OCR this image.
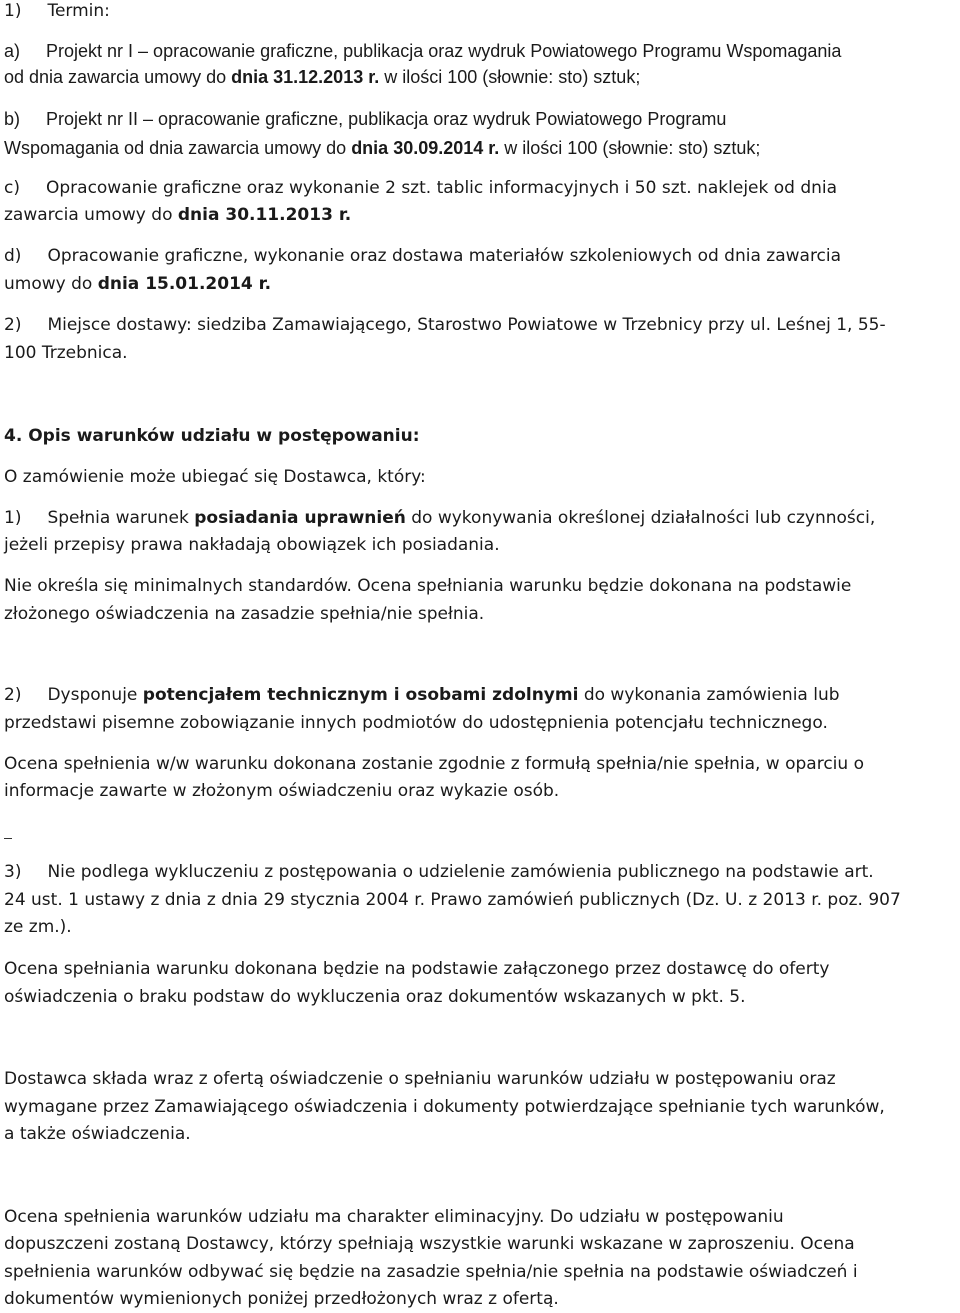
1) Termin:
a) Projekt nr I – opracowanie graficzne, publikacja oraz wydruk Powiatowego Programu Wspomagania
od dnia zawarcia umowy do dnia 31.12.2013 r. w ilości 100 (słownie: sto) sztuk;
b) Projekt nr II – opracowanie graficzne, publikacja oraz wydruk Powiatowego Programu
Wspomagania od dnia zawarcia umowy do dnia 30.09.2014 r. w ilości 100 (słownie: sto) sztuk;
c) Opracowanie graficzne oraz wykonanie 2 szt. tablic informacyjnych i 50 szt. naklejek od dnia
zawarcia umowy do dnia 30.11.2013 r.
d) Opracowanie graficzne, wykonanie oraz dostawa materiałów szkoleniowych od dnia zawarcia
umowy do dnia 15.01.2014 r.
2) Miejsce dostawy: siedziba Zamawiającego, Starostwo Powiatowe w Trzebnicy przy ul. Leśnej 1, 55-
100 Trzebnica.
4. Opis warunków udziału w postępowaniu:
O zamówienie może ubiegać się Dostawca, który:
1) Spełnia warunek posiadania uprawnień do wykonywania określonej działalności lub czynności,
jeżeli przepisy prawa nakładają obowiązek ich posiadania.
Nie określa się minimalnych standardów. Ocena spełniania warunku będzie dokonana na podstawie
złożonego oświadczenia na zasadzie spełnia/nie spełnia.
2) Dysponuje potencjałem technicznym i osobami zdolnymi do wykonania zamówienia lub
przedstawi pisemne zobowiązanie innych podmiotów do udostępnienia potencjału technicznego.
Ocena spełnienia w/w warunku dokonana zostanie zgodnie z formułą spełnia/nie spełnia, w oparciu o
informacje zawarte w złożonym oświadczeniu oraz wykazie osób.
3) Nie podlega wykluczeniu z postępowania o udzielenie zamówienia publicznego na podstawie art.
24 ust. 1 ustawy z dnia z dnia 29 stycznia 2004 r. Prawo zamówień publicznych (Dz. U. z 2013 r. poz. 907
ze zm.).
Ocena spełniania warunku dokonana będzie na podstawie załączonego przez dostawcę do oferty
oświadczenia o braku podstaw do wykluczenia oraz dokumentów wskazanych w pkt. 5.
Dostawca składa wraz z ofertą oświadczenie o spełnianiu warunków udziału w postępowaniu oraz
wymagane przez Zamawiającego oświadczenia i dokumenty potwierdzające spełnianie tych warunków,
a także oświadczenia.
Ocena spełnienia warunków udziału ma charakter eliminacyjny. Do udziału w postępowaniu
dopuszczeni zostaną Dostawcy, którzy spełniają wszystkie warunki wskazane w zaproszeniu. Ocena
spełnienia warunków odbywać się będzie na zasadzie spełnia/nie spełnia na podstawie oświadczeń i
dokumentów wymienionych poniżej przedłożonych wraz z ofertą.
